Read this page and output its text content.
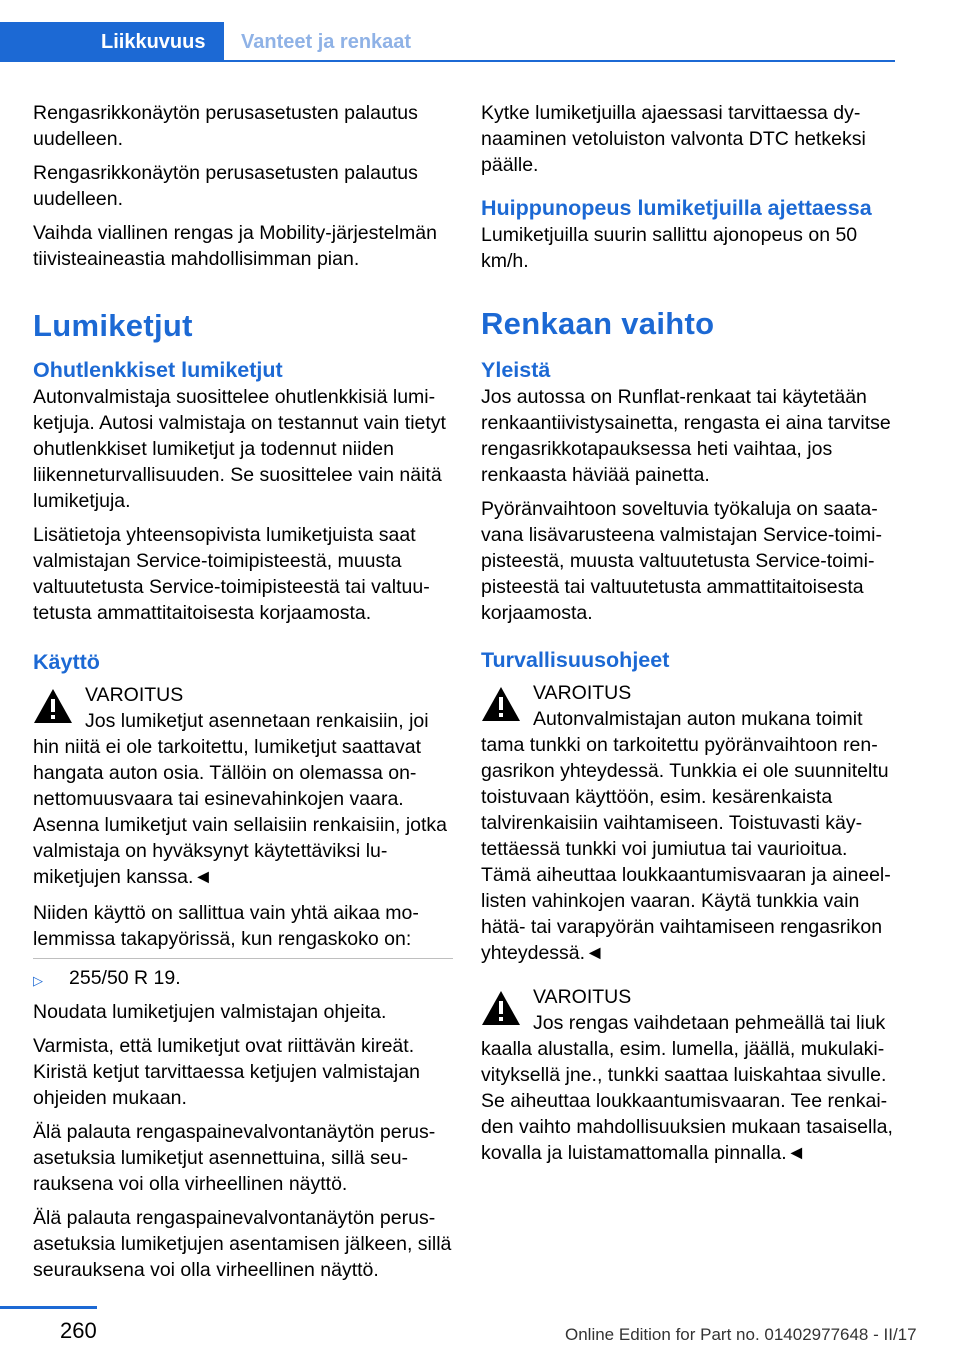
Liikkuvuus	Vanteet ja renkaat

Rengasrikkonäytön perusasetusten palautus uudelleen.

Rengasrikkonäytön perusasetusten palautus uudelleen.

Vaihda viallinen rengas ja Mobility-järjestelmän tiivisteaineastia mahdollisimman pian.

Lumiketjut
Ohutlenkkiset lumiketjut

Autonvalmistaja suosittelee ohutlenkkisiä lumiketjuja. Autosi valmistaja on testannut vain tietyt ohutlenkkiset lumiketjut ja todennut niiden liikenneturvallisuuden. Se suosittelee vain näitä lumiketjuja.

Lisätietoja yhteensopivista lumiketjuista saat valmistajan Service-toimipisteestä, muusta valtuutetusta Service-toimipisteestä tai valtuutetusta ammattitaitoisesta korjaamosta.

Käyttö
VAROITUS
Jos lumiketjut asennetaan renkaisiin, joi
hin niitä ei ole tarkoitettu, lumiketjut saattavat hangata auton osia. Tällöin on olemassa onnettomuusvaara tai esinevahinkojen vaara. Asenna lumiketjut vain sellaisiin renkaisiin, jotka valmistaja on hyväksynyt käytettäviksi lumiketjujen kanssa.◄

Niiden käyttö on sallittua vain yhtä aikaa molemmissa takapyörissä, kun rengaskoko on:

▷ 255/50 R 19.

Noudata lumiketjujen valmistajan ohjeita.

Varmista, että lumiketjut ovat riittävän kireät. Kiristä ketjut tarvittaessa ketjujen valmistajan ohjeiden mukaan.

Älä palauta rengaspainevalvontanäytön perusasetuksia lumiketjut asennettuina, sillä seurauksena voi olla virheellinen näyttö.

Älä palauta rengaspainevalvontanäytön perusasetuksia lumiketjujen asentamisen jälkeen, sillä seurauksena voi olla virheellinen näyttö.

Kytke lumiketjuilla ajaessasi tarvittaessa dynaaminen vetoluiston valvonta DTC hetkeksi päälle.

Huippunopeus lumiketjuilla ajettaessa

Lumiketjuilla suurin sallittu ajonopeus on 50 km/h.

Renkaan vaihto
Yleistä

Jos autossa on Runflat-renkaat tai käytetään renkaantiivistysainetta, rengasta ei aina tarvitse rengasrikkotapauksessa heti vaihtaa, jos renkaasta häviää painetta.

Pyöränvaihtoon soveltuvia työkaluja on saatavana lisävarusteena valmistajan Service-toimipisteestä, muusta valtuutetusta Service-toimipisteestä tai valtuutetusta ammattitaitoisesta korjaamosta.

Turvallisuusohjeet
VAROITUS
Autonvalmistajan auton mukana toimit
tama tunkki on tarkoitettu pyöränvaihtoon rengasrikon yhteydessä. Tunkkia ei ole suunniteltu toistuvaan käyttöön, esim. kesärenkaista talvirenkaisiin vaihtamiseen. Toistuvasti käytettäessä tunkki voi jumiutua tai vaurioitua. Tämä aiheuttaa loukkaantumisvaaran ja aineellisten vahinkojen vaaran. Käytä tunkkia vain hätä- tai varapyörän vaihtamiseen rengasrikon yhteydessä.◄
VAROITUS
Jos rengas vaihdetaan pehmeällä tai liuk
kaalla alustalla, esim. lumella, jäällä, mukulakivityksellä jne., tunkki saattaa luiskahtaa sivulle. Se aiheuttaa loukkaantumisvaaran. Tee renkaiden vaihto mahdollisuuksien mukaan tasaisella, kovalla ja luistamattomalla pinnalla.◄
260	Online Edition for Part no. 01402977648 - II/17
